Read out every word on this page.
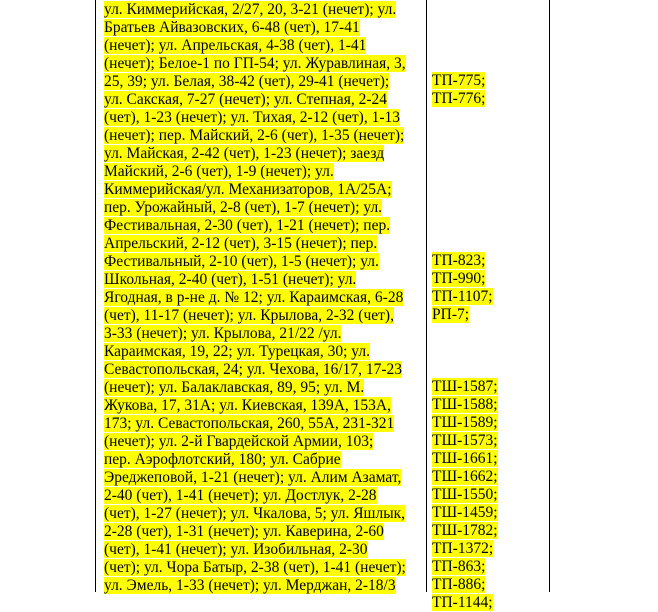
ул. Киммерийская, 2/27, 20, 3-21 (нечет); ул.
Братьев Айвазовских, 6-48 (чет), 17-41
(нечет); ул. Апрельская, 4-38 (чет), 1-41
(нечет); Белое-1 по ГП-54; ул. Журавлиная, 3,
25, 39; ул. Белая, 38-42 (чет), 29-41 (нечет);
ул. Сакская, 7-27 (нечет); ул. Степная, 2-24
(чет), 1-23 (нечет); ул. Тихая, 2-12 (чет), 1-13
(нечет); пер. Майский, 2-6 (чет), 1-35 (нечет);
ул. Майская, 2-42 (чет), 1-23 (нечет); заезд
Майский, 2-6 (чет), 1-9 (нечет); ул.
Киммерийская/ул. Механизаторов, 1А/25А;
пер. Урожайный, 2-8 (чет), 1-7 (нечет); ул.
Фестивальная, 2-30 (чет), 1-21 (нечет); пер.
Апрельский, 2-12 (чет), 3-15 (нечет); пер.
Фестивальный, 2-10 (чет), 1-5 (нечет); ул.
Школьная, 2-40 (чет), 1-51 (нечет); ул.
Ягодная, в р-не д. № 12; ул. Караимская, 6-28
(чет), 11-17 (нечет); ул. Крылова, 2-32 (чет),
3-33 (нечет); ул. Крылова, 21/22 /ул.
Караимская, 19, 22; ул. Турецкая, 30; ул.
Севастопольская, 24; ул. Чехова, 16/17, 17-23
(нечет); ул. Балаклавская, 89, 95; ул. М.
Жукова, 17, 31А; ул. Киевская, 139А, 153А,
173; ул. Севастопольская, 260, 55А, 231-321
(нечет); ул. 2-й Гвардейской Армии, 103;
пер. Аэрофлотский, 180; ул. Сабрие
Эреджеповой, 1-21 (нечет); ул. Алим Азамат,
2-40 (чет), 1-41 (нечет); ул. Достлук, 2-28
(чет), 1-27 (нечет); ул. Чкалова, 5; ул. Яшлык,
2-28 (чет), 1-31 (нечет); ул. Каверина, 2-60
(чет), 1-41 (нечет); ул. Изобильная, 2-30
(чет); ул. Чора Батыр, 2-38 (чет), 1-41 (нечет);
ул. Эмель, 1-33 (нечет); ул. Мерджан, 2-18/3
ТП-775;
ТП-776;
ТП-823;
ТП-990;
ТП-1107;
РП-7;
ТШ-1587;
ТШ-1588;
ТШ-1589;
ТШ-1573;
ТШ-1661;
ТШ-1662;
ТШ-1550;
ТШ-1459;
ТШ-1782;
ТП-1372;
ТП-863;
ТП-886;
ТП-1144;
